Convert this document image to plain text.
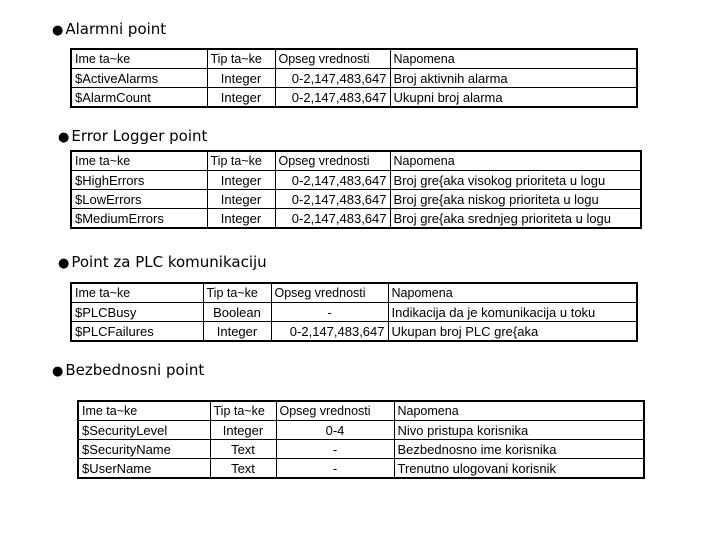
● Alarmni point
Ime ta~ke	Tip ta~ke	Opseg vrednosti	Napomena
$ActiveAlarms	Integer	0-2,147,483,647	Broj aktivnih alarma
$AlarmCount	Integer	0-2,147,483,647	Ukupni broj alarma
● Error Logger point
Ime ta~ke	Tip ta~ke	Opseg vrednosti	Napomena
$HighErrors	Integer	0-2,147,483,647	Broj gre{aka visokog prioriteta u logu
$LowErrors	Integer	0-2,147,483,647	Broj gre{aka niskog prioriteta u logu
$MediumErrors	Integer	0-2,147,483,647	Broj gre{aka srednjeg prioriteta u logu
● Point za PLC komunikaciju
Ime ta~ke	Tip ta~ke	Opseg vrednosti	Napomena
$PLCBusy	Boolean	-	Indikacija da je komunikacija u toku
$PLCFailures	Integer	0-2,147,483,647	Ukupan broj PLC gre{aka
● Bezbednosni point
Ime ta~ke	Tip ta~ke	Opseg vrednosti	Napomena
$SecurityLevel	Integer	0-4	Nivo pristupa korisnika
$SecurityName	Text	-	Bezbednosno ime korisnika
$UserName	Text	-	Trenutno ulogovani korisnik
